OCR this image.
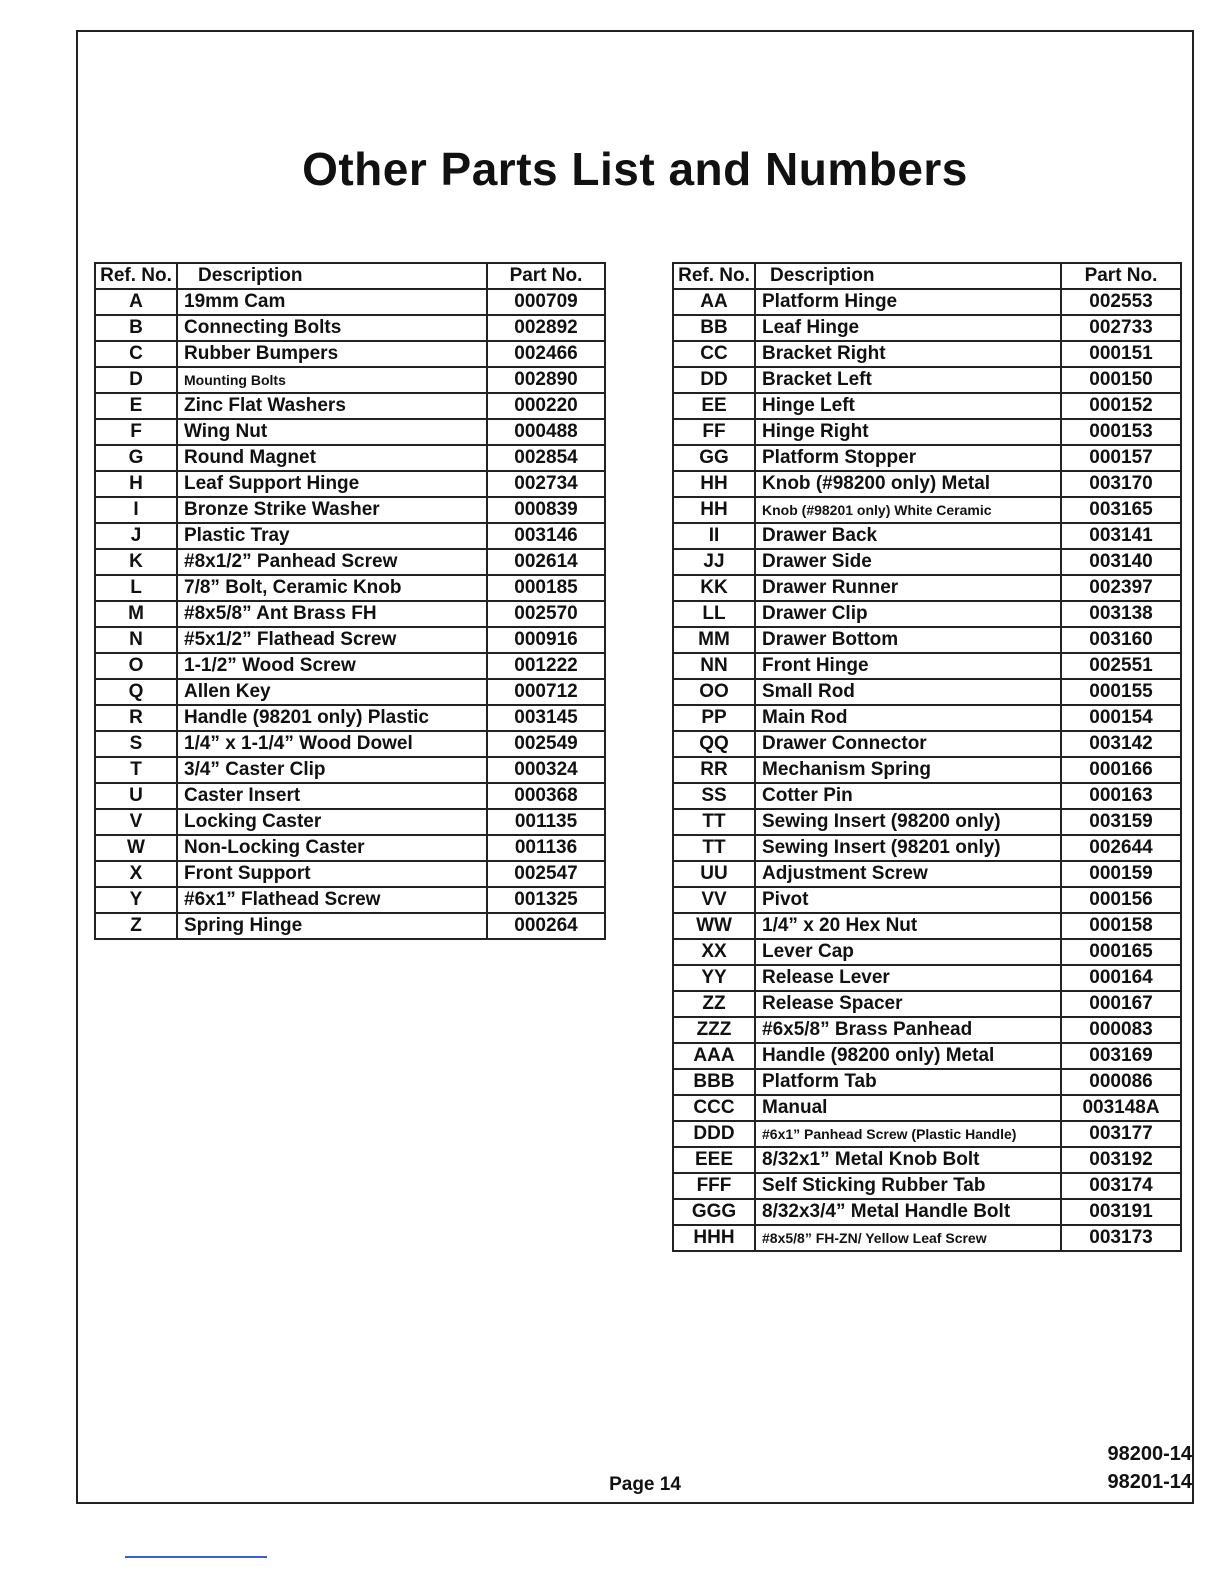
Other Parts List and Numbers
Ref. No.	Description	Part No.
A	19mm Cam	000709
B	Connecting Bolts	002892
C	Rubber Bumpers	002466
D	Mounting Bolts	002890
E	Zinc Flat Washers	000220
F	Wing Nut	000488
G	Round Magnet	002854
H	Leaf Support Hinge	002734
I	Bronze Strike Washer	000839
J	Plastic Tray	003146
K	#8x1/2” Panhead Screw	002614
L	7/8” Bolt, Ceramic Knob	000185
M	#8x5/8” Ant Brass FH	002570
N	#5x1/2” Flathead Screw	000916
O	1-1/2” Wood Screw	001222
Q	Allen Key	000712
R	Handle (98201 only) Plastic	003145
S	1/4” x 1-1/4” Wood Dowel	002549
T	3/4” Caster Clip	000324
U	Caster Insert	000368
V	Locking Caster	001135
W	Non-Locking Caster	001136
X	Front Support	002547
Y	#6x1” Flathead Screw	001325
Z	Spring Hinge	000264
Ref. No.	Description	Part No.
AA	Platform Hinge	002553
BB	Leaf Hinge	002733
CC	Bracket Right	000151
DD	Bracket Left	000150
EE	Hinge Left	000152
FF	Hinge Right	000153
GG	Platform Stopper	000157
HH	Knob (#98200 only) Metal	003170
HH	Knob (#98201 only) White Ceramic	003165
II	Drawer Back	003141
JJ	Drawer Side	003140
KK	Drawer Runner	002397
LL	Drawer Clip	003138
MM	Drawer Bottom	003160
NN	Front Hinge	002551
OO	Small Rod	000155
PP	Main Rod	000154
QQ	Drawer Connector	003142
RR	Mechanism Spring	000166
SS	Cotter Pin	000163
TT	Sewing Insert (98200 only)	003159
TT	Sewing Insert (98201 only)	002644
UU	Adjustment Screw	000159
VV	Pivot	000156
WW	1/4” x 20 Hex Nut	000158
XX	Lever Cap	000165
YY	Release Lever	000164
ZZ	Release Spacer	000167
ZZZ	#6x5/8” Brass Panhead	000083
AAA	Handle (98200 only) Metal	003169
BBB	Platform Tab	000086
CCC	Manual	003148A
DDD	#6x1” Panhead Screw (Plastic Handle)	003177
EEE	8/32x1” Metal Knob Bolt	003192
FFF	Self Sticking Rubber Tab	003174
GGG	8/32x3/4” Metal Handle Bolt	003191
HHH	#8x5/8” FH-ZN/ Yellow Leaf Screw	003173
Page 14
98200-14
98201-14
